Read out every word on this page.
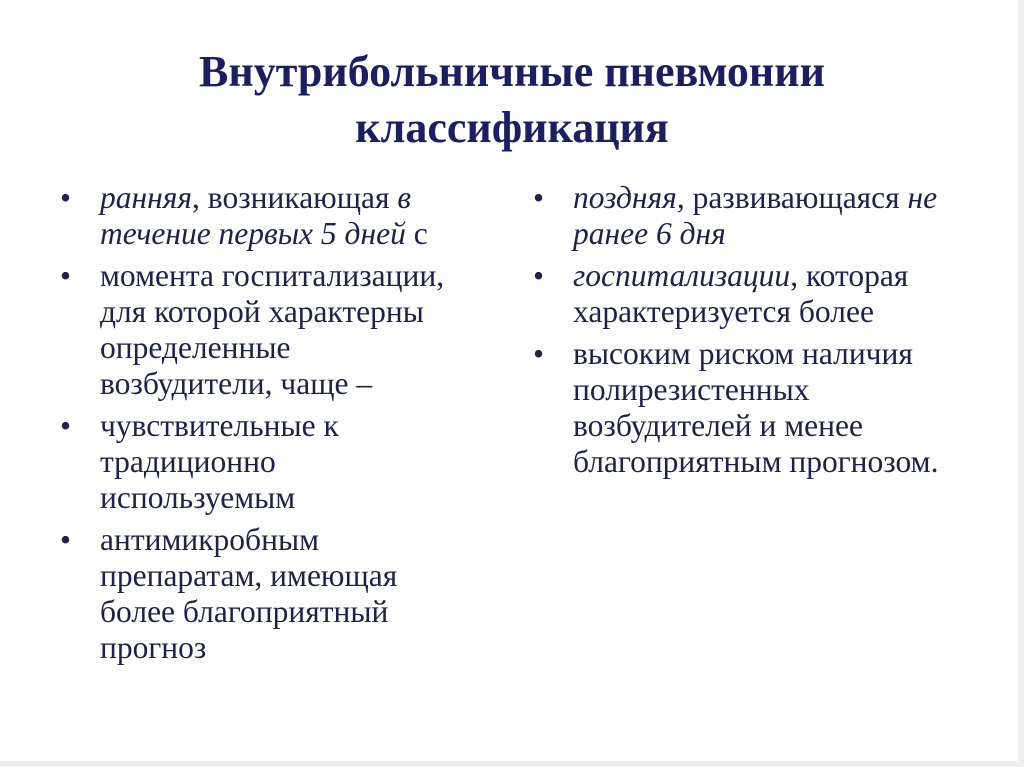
Внутрибольничные пневмонии
классификация
• ранняя, возникающая в течение первых 5 дней с
• момента госпитализации, для которой характерны определенные возбудители, чаще –
• чувствительные к традиционно используемым
• антимикробным препаратам, имеющая более благоприятный прогноз
• поздняя, развивающаяся не ранее 6 дня
• госпитализации, которая характеризуется более
• высоким риском наличия полирезистенных возбудителей и менее благоприятным прогнозом.
